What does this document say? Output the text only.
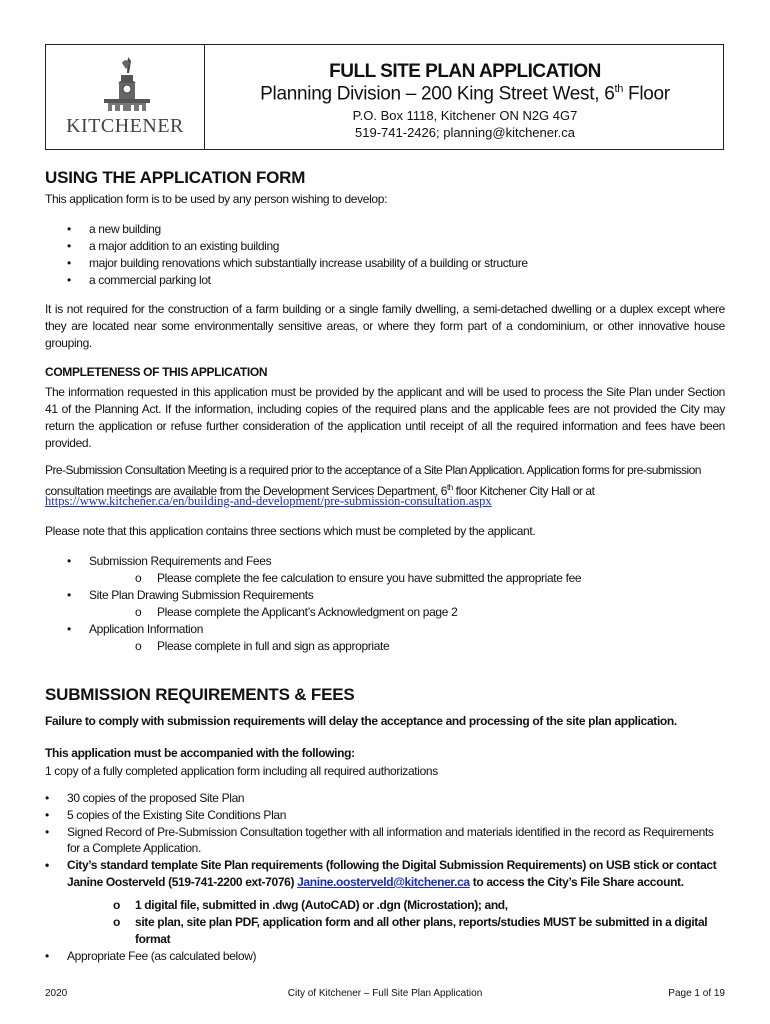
KITCHENER
FULL SITE PLAN APPLICATION
Planning Division – 200 King Street West, 6th Floor
P.O. Box 1118, Kitchener ON N2G 4G7
519-741-2426; planning@kitchener.ca
USING THE APPLICATION FORM

This application form is to be used by any person wishing to develop:

• a new building
• a major addition to an existing building
• major building renovations which substantially increase usability of a building or structure
• a commercial parking lot

It is not required for the construction of a farm building or a single family dwelling, a semi-detached dwelling or a duplex except where they are located near some environmentally sensitive areas, or where they form part of a condominium, or other innovative house grouping.

COMPLETENESS OF THIS APPLICATION

The information requested in this application must be provided by the applicant and will be used to process the Site Plan under Section 41 of the Planning Act. If the information, including copies of the required plans and the applicable fees are not provided the City may return the application or refuse further consideration of the application until receipt of all the required information and fees have been provided.

Pre-Submission Consultation Meeting is a required prior to the acceptance of a Site Plan Application. Application forms for pre-submission

consultation meetings are available from the Development Services Department, 6th floor Kitchener City Hall or at

https://www.kitchener.ca/en/building-and-development/pre-submission-consultation.aspx

Please note that this application contains three sections which must be completed by the applicant.

• Submission Requirements and Fees
o Please complete the fee calculation to ensure you have submitted the appropriate fee
• Site Plan Drawing Submission Requirements
o Please complete the Applicant’s Acknowledgment on page 2
• Application Information
o Please complete in full and sign as appropriate
SUBMISSION REQUIREMENTS & FEES

Failure to comply with submission requirements will delay the acceptance and processing of the site plan application.

This application must be accompanied with the following:

1 copy of a fully completed application form including all required authorizations

• 30 copies of the proposed Site Plan
• 5 copies of the Existing Site Conditions Plan
• Signed Record of Pre-Submission Consultation together with all information and materials identified in the record as Requirements
for a Complete Application.
• City’s standard template Site Plan requirements (following the Digital Submission Requirements) on USB stick or contact
Janine Oosterveld (519-741-2200 ext-7076) Janine.oosterveld@kitchener.ca to access the City’s File Share account.
o 1 digital file, submitted in .dwg (AutoCAD) or .dgn (Microstation); and,
o site plan, site plan PDF, application form and all other plans, reports/studies MUST be submitted in a digital
format
• Appropriate Fee (as calculated below)
2020	City of Kitchener – Full Site Plan Application	Page 1 of 19
